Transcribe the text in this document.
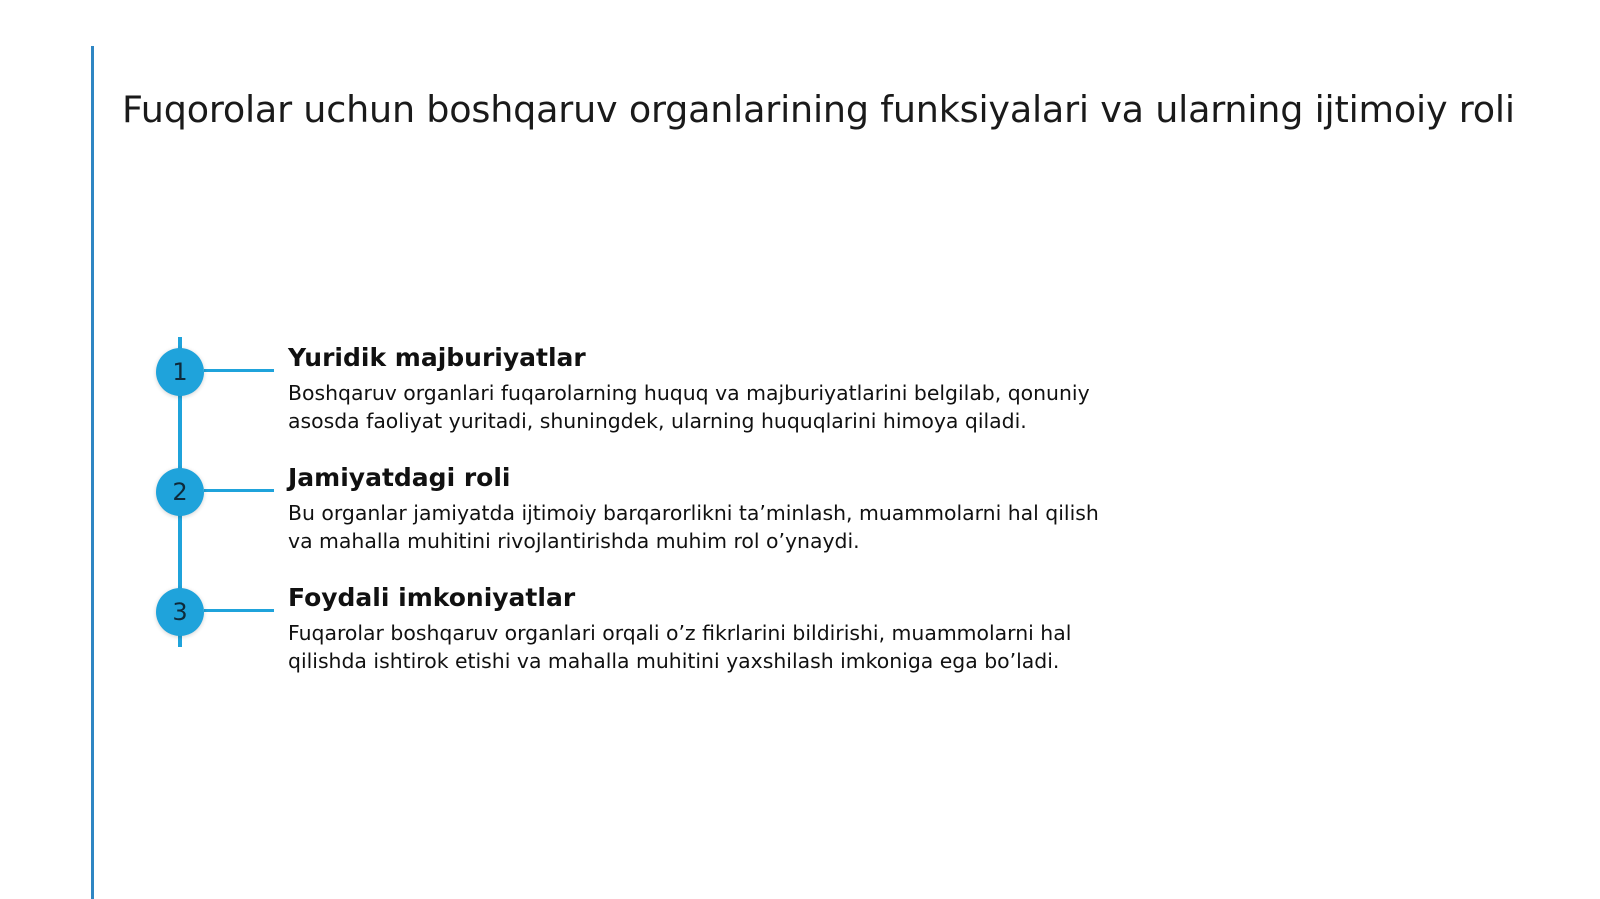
Fuqorolar uchun boshqaruv organlarining funksiyalari va ularning ijtimoiy roli
1	Yuridik majburiyatlar

Boshqaruv organlari fuqarolarning huquq va majburiyatlarini belgilab, qonuniy asosda faoliyat yuritadi, shuningdek, ularning huquqlarini himoya qiladi.

2	Jamiyatdagi roli

Bu organlar jamiyatda ijtimoiy barqarorlikni ta’minlash, muammolarni hal qilish va mahalla muhitini rivojlantirishda muhim rol o’ynaydi.

3	Foydali imkoniyatlar

Fuqarolar boshqaruv organlari orqali o’z fikrlarini bildirishi, muammolarni hal qilishda ishtirok etishi va mahalla muhitini yaxshilash imkoniga ega bo’ladi.
